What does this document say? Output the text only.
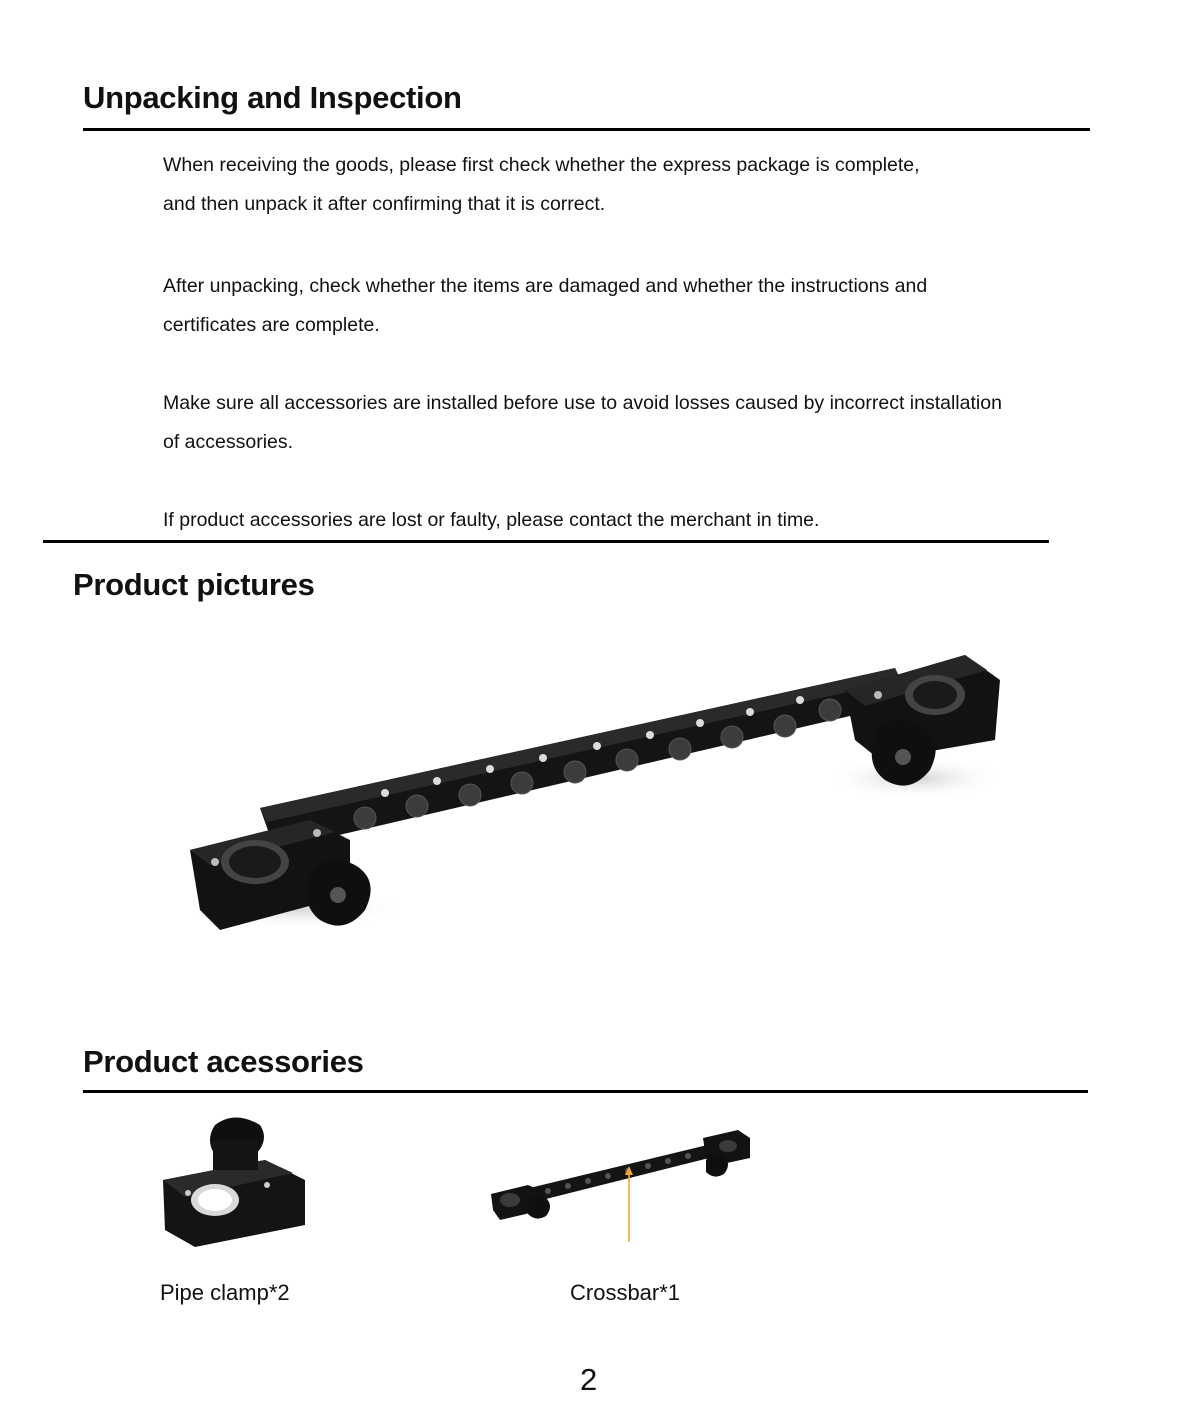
Unpacking and Inspection
When receiving the goods, please first check whether the express package is complete,
and then unpack it after confirming that it is correct.
After unpacking, check whether the items are damaged and whether the instructions and
certificates are complete.
Make sure all accessories are installed before use to avoid losses caused by incorrect installation
of accessories.
If product accessories are lost or faulty, please contact the merchant in time.
Product pictures
Product acessories
Pipe clamp*2	Crossbar*1
2
